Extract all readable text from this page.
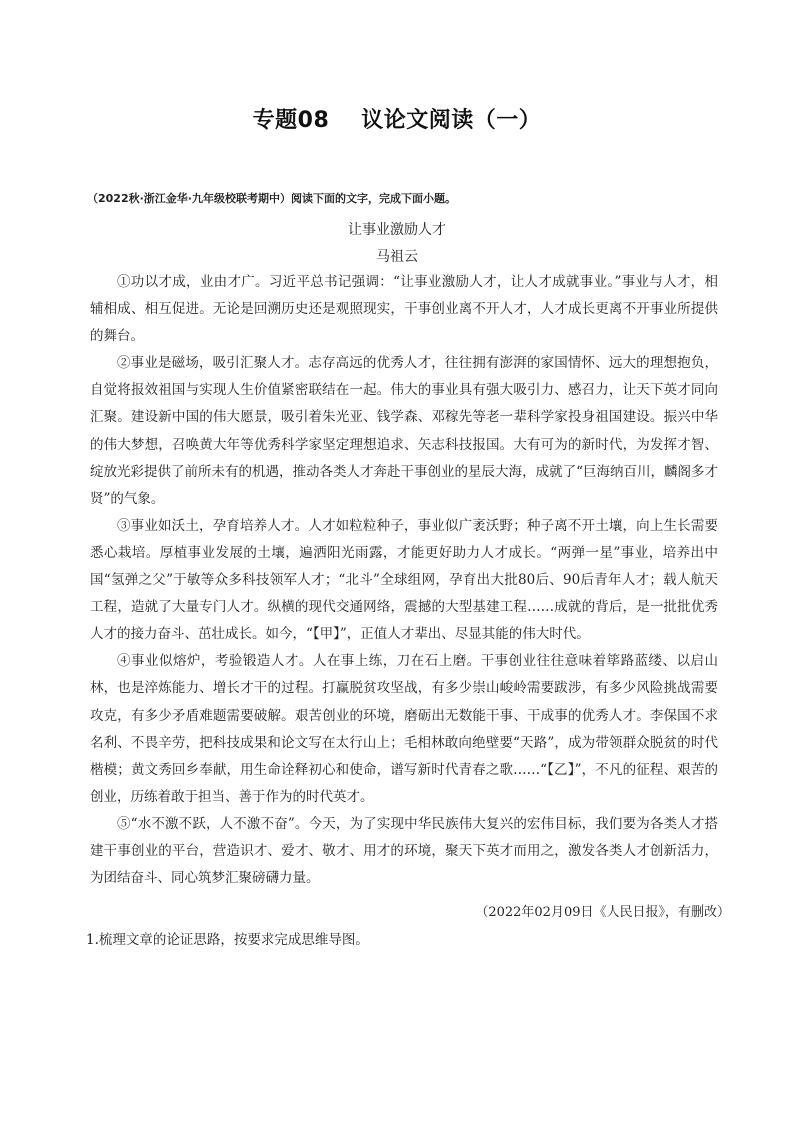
专题08 议论文阅读（一）
（2022秋·浙江金华·九年级校联考期中）阅读下面的文字，完成下面小题。
让事业激励人才
马祖云

①功以才成，业由才广。习近平总书记强调：“让事业激励人才，让人才成就事业。”事业与人才，相辅相成、相互促进。无论是回溯历史还是观照现实，干事创业离不开人才，人才成长更离不开事业所提供的舞台。

②事业是磁场，吸引汇聚人才。志存高远的优秀人才，往往拥有澎湃的家国情怀、远大的理想抱负，自觉将报效祖国与实现人生价值紧密联结在一起。伟大的事业具有强大吸引力、感召力，让天下英才同向汇聚。建设新中国的伟大愿景，吸引着朱光亚、钱学森、邓稼先等老一辈科学家投身祖国建设。振兴中华的伟大梦想，召唤黄大年等优秀科学家坚定理想追求、矢志科技报国。大有可为的新时代，为发挥才智、绽放光彩提供了前所未有的机遇，推动各类人才奔赴干事创业的星辰大海，成就了“巨海纳百川，麟阁多才贤”的气象。

③事业如沃土，孕育培养人才。人才如粒粒种子，事业似广袤沃野；种子离不开土壤，向上生长需要悉心栽培。厚植事业发展的土壤，遍洒阳光雨露，才能更好助力人才成长。“两弹一星”事业，培养出中国“氢弹之父”于敏等众多科技领军人才；“北斗”全球组网，孕育出大批80后、90后青年人才；载人航天工程，造就了大量专门人才。纵横的现代交通网络，震撼的大型基建工程……成就的背后，是一批批优秀人才的接力奋斗、茁壮成长。如今，“【甲】”，正值人才辈出、尽显其能的伟大时代。

④事业似熔炉，考验锻造人才。人在事上练，刀在石上磨。干事创业往往意味着筚路蓝缕、以启山林，也是淬炼能力、增长才干的过程。打赢脱贫攻坚战，有多少崇山峻岭需要跋涉，有多少风险挑战需要攻克，有多少矛盾难题需要破解。艰苦创业的环境，磨砺出无数能干事、干成事的优秀人才。李保国不求名利、不畏辛劳，把科技成果和论文写在太行山上；毛相林敢向绝壁要“天路”，成为带领群众脱贫的时代楷模；黄文秀回乡奉献，用生命诠释初心和使命，谱写新时代青春之歌……“【乙】”，不凡的征程、艰苦的创业，历练着敢于担当、善于作为的时代英才。

⑤“水不激不跃，人不激不奋”。今天，为了实现中华民族伟大复兴的宏伟目标，我们要为各类人才搭建干事创业的平台，营造识才、爱才、敬才、用才的环境，聚天下英才而用之，激发各类人才创新活力，为团结奋斗、同心筑梦汇聚磅礴力量。

（2022年02月09日《人民日报》，有删改）
1.梳理文章的论证思路，按要求完成思维导图。
